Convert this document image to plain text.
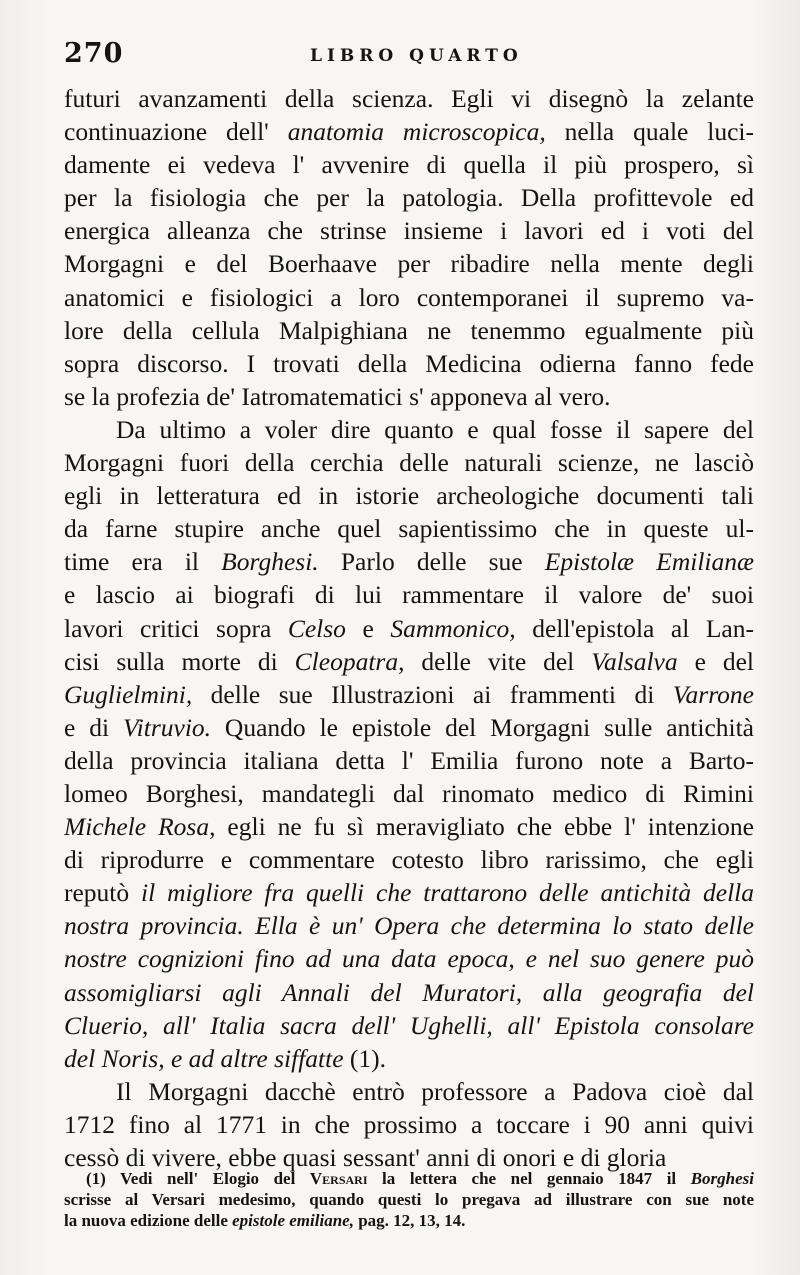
270	LIBRO QUARTO
futuri avanzamenti della scienza. Egli vi disegnò la zelante
continuazione dell' anatomia microscopica, nella quale luci-
damente ei vedeva l' avvenire di quella il più prospero, sì
per la fisiologia che per la patologia. Della profittevole ed
energica alleanza che strinse insieme i lavori ed i voti del
Morgagni e del Boerhaave per ribadire nella mente degli
anatomici e fisiologici a loro contemporanei il supremo va-
lore della cellula Malpighiana ne tenemmo egualmente più
sopra discorso. I trovati della Medicina odierna fanno fede
se la profezia de' Iatromatematici s' apponeva al vero.
Da ultimo a voler dire quanto e qual fosse il sapere del
Morgagni fuori della cerchia delle naturali scienze, ne lasciò
egli in letteratura ed in istorie archeologiche documenti tali
da farne stupire anche quel sapientissimo che in queste ul-
time era il Borghesi. Parlo delle sue Epistolæ Emilianæ
e lascio ai biografi di lui rammentare il valore de' suoi
lavori critici sopra Celso e Sammonico, dell'epistola al Lan-
cisi sulla morte di Cleopatra, delle vite del Valsalva e del
Guglielmini, delle sue Illustrazioni ai frammenti di Varrone
e di Vitruvio. Quando le epistole del Morgagni sulle antichità
della provincia italiana detta l' Emilia furono note a Barto-
lomeo Borghesi, mandategli dal rinomato medico di Rimini
Michele Rosa, egli ne fu sì meravigliato che ebbe l' intenzione
di riprodurre e commentare cotesto libro rarissimo, che egli
reputò il migliore fra quelli che trattarono delle antichità della
nostra provincia. Ella è un' Opera che determina lo stato delle
nostre cognizioni fino ad una data epoca, e nel suo genere può
assomigliarsi agli Annali del Muratori, alla geografia del
Cluerio, all' Italia sacra dell' Ughelli, all' Epistola consolare
del Noris, e ad altre siffatte (1).
Il Morgagni dacchè entrò professore a Padova cioè dal
1712 fino al 1771 in che prossimo a toccare i 90 anni quivi
cessò di vivere, ebbe quasi sessant' anni di onori e di gloria
(1) Vedi nell' Elogio del Versari la lettera che nel gennaio 1847 il Borghesi
scrisse al Versari medesimo, quando questi lo pregava ad illustrare con sue note
la nuova edizione delle epistole emiliane, pag. 12, 13, 14.
